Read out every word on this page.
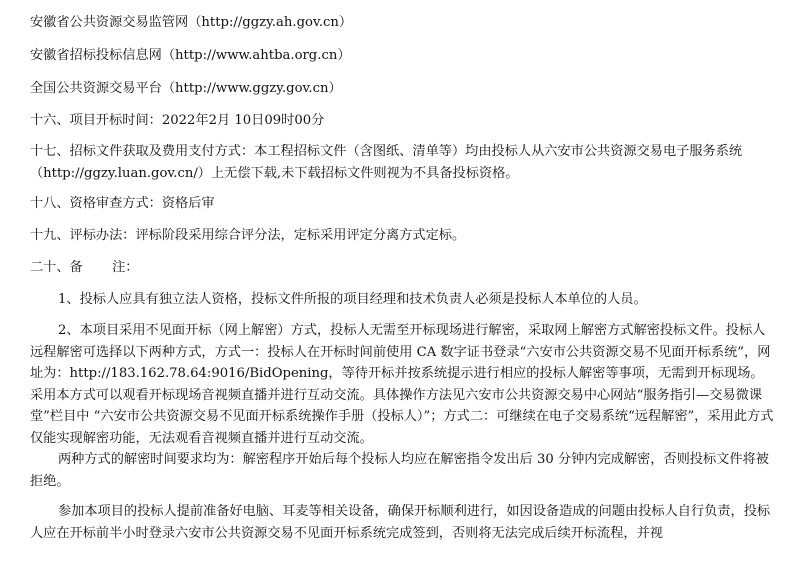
安徽省公共资源交易监管网（http://ggzy.ah.gov.cn）
安徽省招标投标信息网（http://www.ahtba.org.cn）
全国公共资源交易平台（http://www.ggzy.gov.cn）
十六、项目开标时间：2022年2月 10日09时00分
十七、招标文件获取及费用支付方式：本工程招标文件（含图纸、清单等）均由投标人从六安市公共资源交易电子服务系统（http://ggzy.luan.gov.cn/）上无偿下载,未下载招标文件则视为不具备投标资格。
十八、资格审查方式：资格后审
十九、评标办法：评标阶段采用综合评分法，定标采用评定分离方式定标。
二十、备       注：
1、投标人应具有独立法人资格，投标文件所报的项目经理和技术负责人必须是投标人本单位的人员。
2、本项目采用不见面开标（网上解密）方式，投标人无需至开标现场进行解密，采取网上解密方式解密投标文件。投标人远程解密可选择以下两种方式，方式一：投标人在开标时间前使用 CA 数字证书登录“六安市公共资源交易不见面开标系统”，网址为：http://183.162.78.64:9016/BidOpening，等待开标并按系统提示进行相应的投标人解密等事项，无需到开标现场。采用本方式可以观看开标现场音视频直播并进行互动交流。具体操作方法见六安市公共资源交易中心网站“服务指引—交易微课堂”栏目中 “六安市公共资源交易不见面开标系统操作手册（投标人）”；方式二：可继续在电子交易系统“远程解密”，采用此方式仅能实现解密功能，无法观看音视频直播并进行互动交流。
两种方式的解密时间要求均为：解密程序开始后每个投标人均应在解密指令发出后 30 分钟内完成解密，否则投标文件将被拒绝。
参加本项目的投标人提前准备好电脑、耳麦等相关设备，确保开标顺利进行，如因设备造成的问题由投标人自行负责，投标人应在开标前半小时登录六安市公共资源交易不见面开标系统完成签到，否则将无法完成后续开标流程，并视
